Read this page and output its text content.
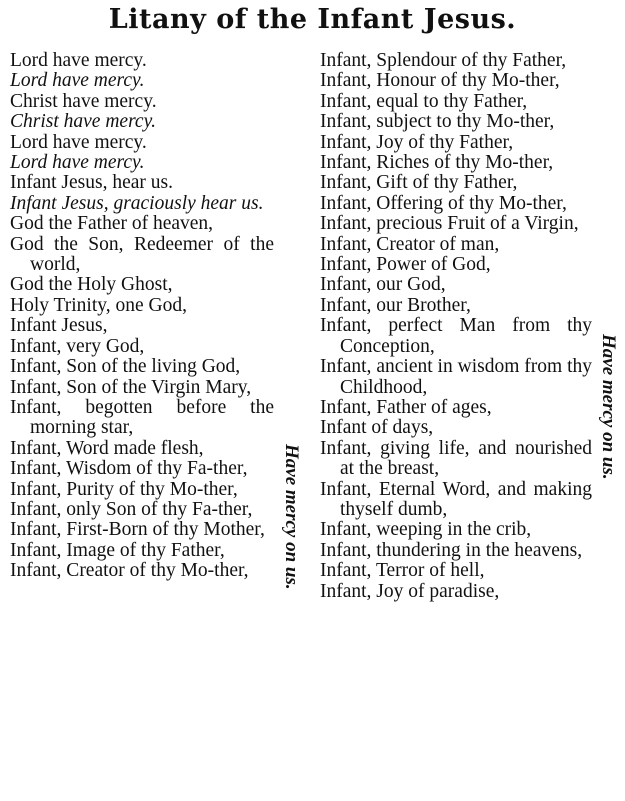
Litany of the Infant Jesus.
Lord have mercy.
Lord have mercy.
Christ have mercy.
Christ have mercy.
Lord have mercy.
Lord have mercy.
Infant Jesus, hear us.
Infant Jesus, graciously hear us.
God the Father of heaven,
God the Son, Redeemer of the world,
God the Holy Ghost,
Holy Trinity, one God,
Infant Jesus,
Infant, very God,
Infant, Son of the living God,
Infant, Son of the Virgin Mary,
Infant, begotten before the morning star,
Infant, Word made flesh,
Infant, Wisdom of thy Fa-ther,
Infant, Purity of thy Mo-ther,
Infant, only Son of thy Fa-ther,
Infant, First-Born of thy Mother,
Infant, Image of thy Father,
Infant, Creator of thy Mo-ther,
Infant, Splendour of thy Father,
Infant, Honour of thy Mo-ther,
Infant, equal to thy Father,
Infant, subject to thy Mo-ther,
Infant, Joy of thy Father,
Infant, Riches of thy Mo-ther,
Infant, Gift of thy Father,
Infant, Offering of thy Mo-ther,
Infant, precious Fruit of a Virgin,
Infant, Creator of man,
Infant, Power of God,
Infant, our God,
Infant, our Brother,
Infant, perfect Man from thy Conception,
Infant, ancient in wisdom from thy Childhood,
Infant, Father of ages,
Infant of days,
Infant, giving life, and nourished at the breast,
Infant, Eternal Word, and making thyself dumb,
Infant, weeping in the crib,
Infant, thundering in the heavens,
Infant, Terror of hell,
Infant, Joy of paradise,
Have mercy on us.
Have mercy on us.
